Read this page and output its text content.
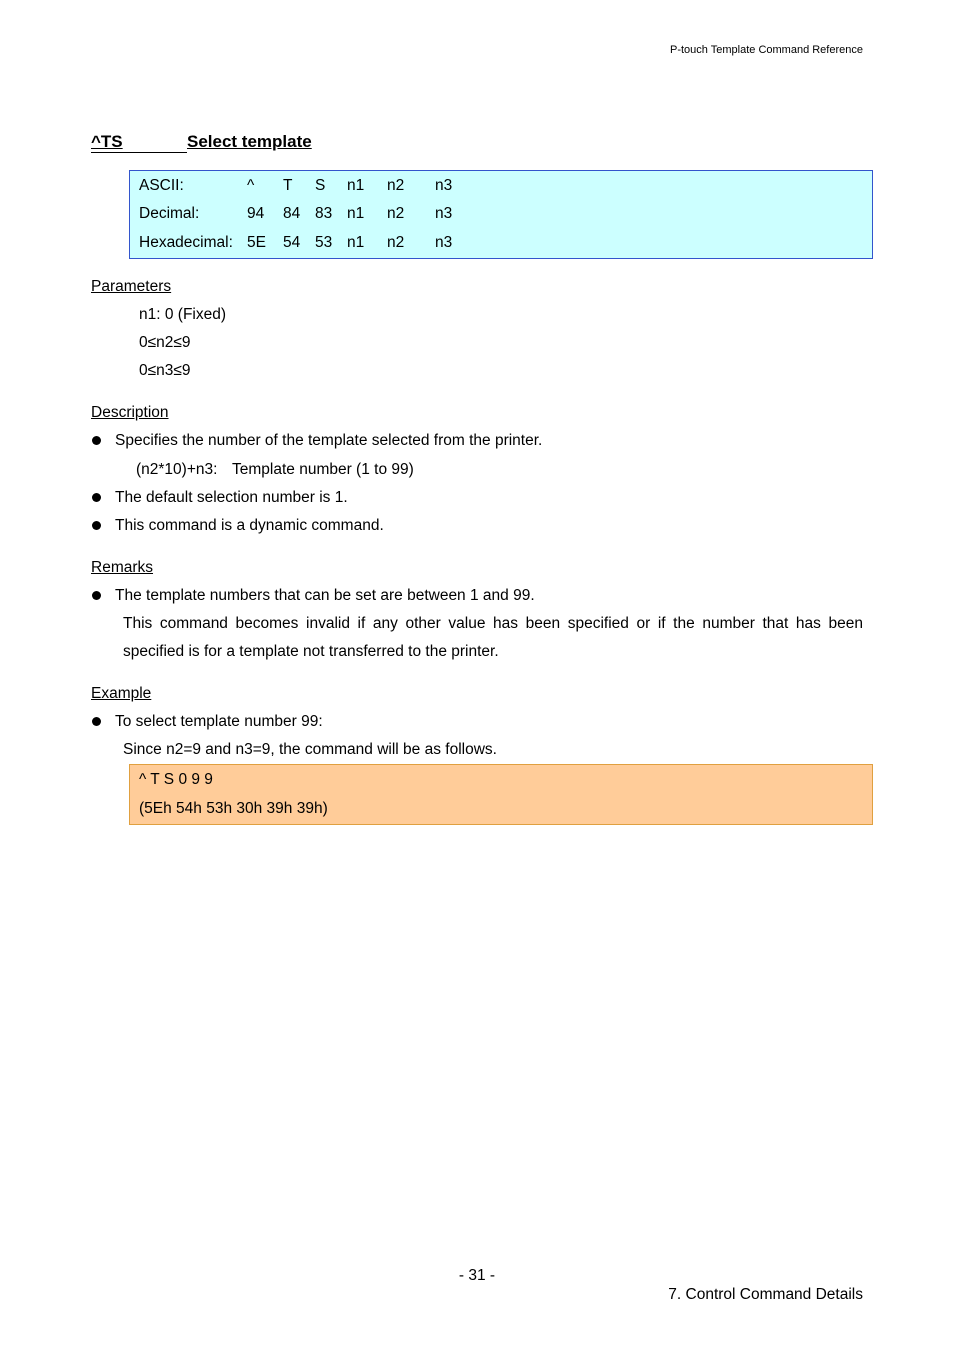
P-touch Template Command Reference
^TS	Select template
ASCII:	^ T S n1 n2 n3
Decimal:	94 84 83 n1 n2 n3
Hexadecimal: 5E 54 53 n1 n2 n3
Parameters
n1: 0 (Fixed)
0≤n2≤9
0≤n3≤9
Description
Specifies the number of the template selected from the printer.
(n2*10)+n3: Template number (1 to 99)
The default selection number is 1.
This command is a dynamic command.
Remarks
The template numbers that can be set are between 1 and 99.
This command becomes invalid if any other value has been specified or if the number that has been
specified is for a template not transferred to the printer.
Example
To select template number 99:
Since n2=9 and n3=9, the command will be as follows.
^ T S 0 9 9
(5Eh 54h 53h 30h 39h 39h)
- 31 -
7. Control Command Details
